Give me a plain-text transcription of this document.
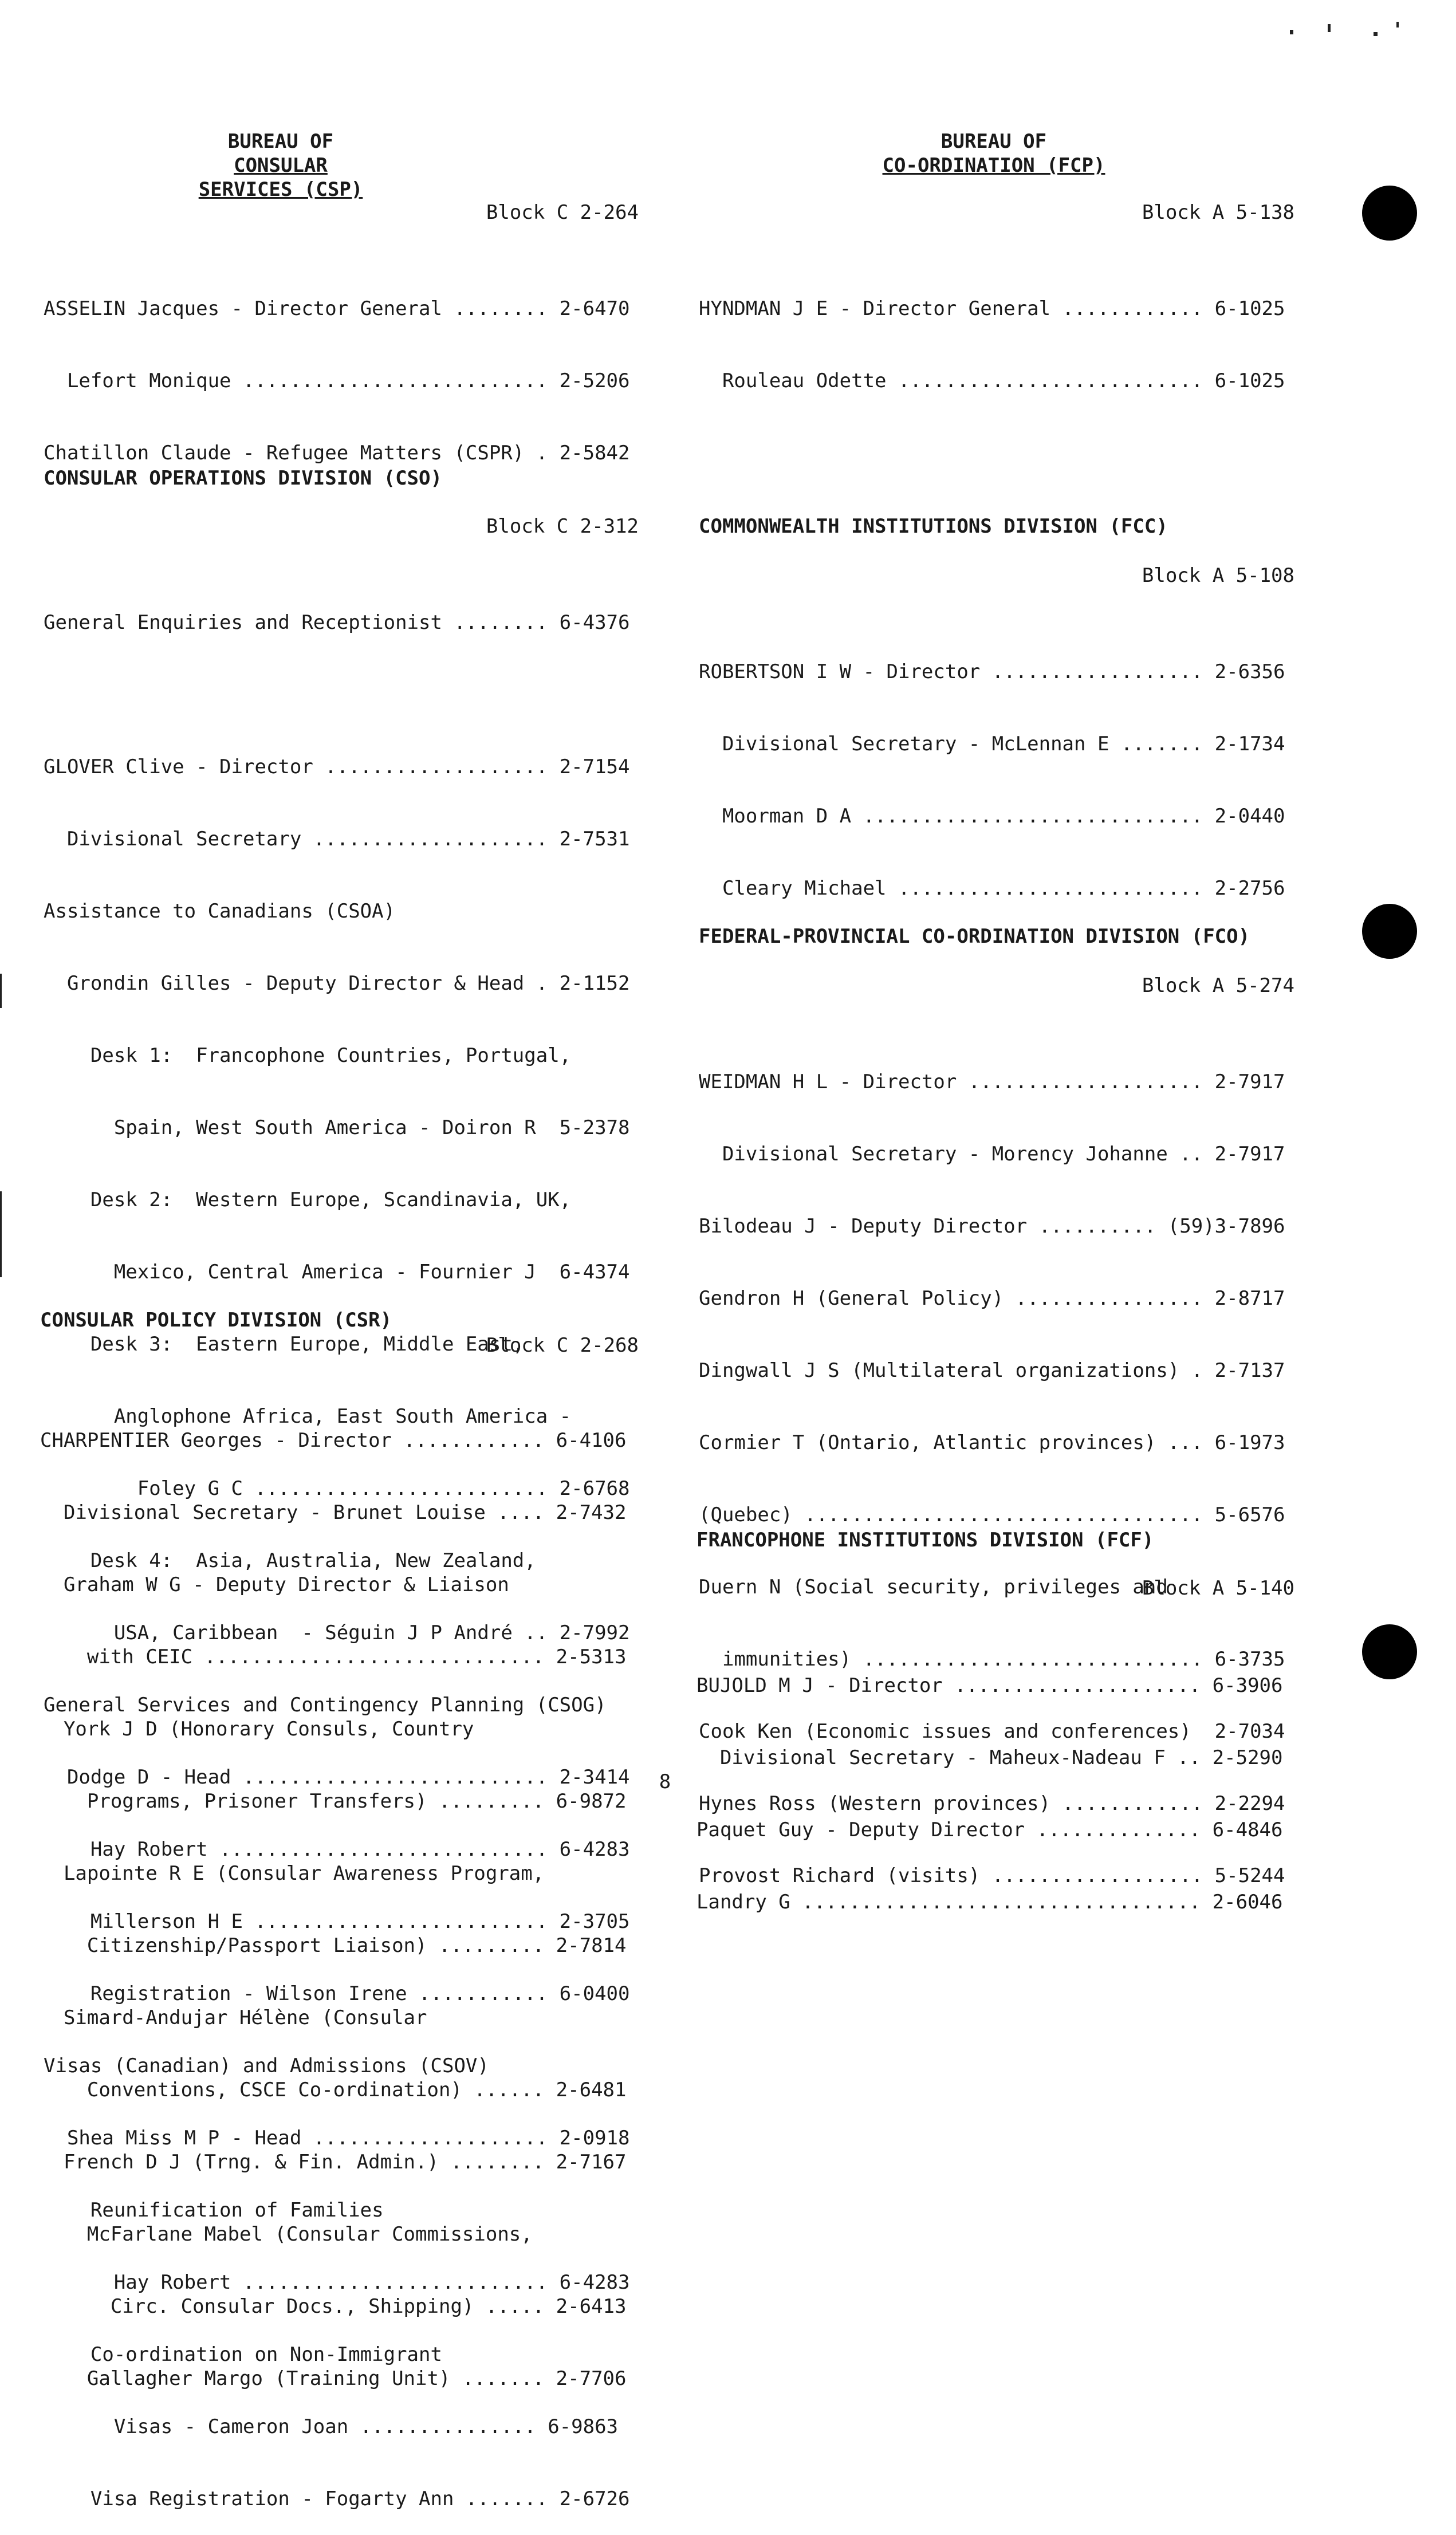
BUREAU OF
CONSULAR SERVICES (CSP)
Block C 2-264

ASSELIN Jacques - Director General ........ 2-6470

Lefort Monique .......................... 2-5206

Chatillon Claude - Refugee Matters (CSPR) . 2-5842

CONSULAR OPERATIONS DIVISION (CSO)
Block C 2-312

General Enquiries and Receptionist ........ 6-4376

GLOVER Clive - Director ................... 2-7154

Divisional Secretary .................... 2-7531

Assistance to Canadians (CSOA)

Grondin Gilles - Deputy Director & Head . 2-1152

Desk 1:  Francophone Countries, Portugal,

Spain, West South America - Doiron R  5-2378

Desk 2:  Western Europe, Scandinavia, UK,

Mexico, Central America - Fournier J  6-4374

Desk 3:  Eastern Europe, Middle East,

Anglophone Africa, East South America -

Foley G C ......................... 2-6768

Desk 4:  Asia, Australia, New Zealand,

USA, Caribbean  - Séguin J P André .. 2-7992

General Services and Contingency Planning (CSOG)

Dodge D - Head .......................... 2-3414

Hay Robert ............................ 6-4283

Millerson H E ......................... 2-3705

Registration - Wilson Irene ........... 6-0400

Visas (Canadian) and Admissions (CSOV)

Shea Miss M P - Head .................... 2-0918

Reunification of Families

Hay Robert .......................... 6-4283

Co-ordination on Non-Immigrant

Visas - Cameron Joan ............... 6-9863

Visa Registration - Fogarty Ann ....... 2-6726

CONSULAR POLICY DIVISION (CSR)
Block C 2-268

CHARPENTIER Georges - Director ............ 6-4106

Divisional Secretary - Brunet Louise .... 2-7432

Graham W G - Deputy Director & Liaison

with CEIC ............................. 2-5313

York J D (Honorary Consuls, Country

Programs, Prisoner Transfers) ......... 6-9872

Lapointe R E (Consular Awareness Program,

Citizenship/Passport Liaison) ......... 2-7814

Simard-Andujar Hélène (Consular

Conventions, CSCE Co-ordination) ...... 2-6481

French D J (Trng. & Fin. Admin.) ........ 2-7167

McFarlane Mabel (Consular Commissions,

Circ. Consular Docs., Shipping) ..... 2-6413

Gallagher Margo (Training Unit) ....... 2-7706

BUREAU OF
CO-ORDINATION (FCP)
Block A 5-138

HYNDMAN J E - Director General ............ 6-1025

Rouleau Odette .......................... 6-1025

COMMONWEALTH INSTITUTIONS DIVISION (FCC)
Block A 5-108

ROBERTSON I W - Director .................. 2-6356

Divisional Secretary - McLennan E ....... 2-1734

Moorman D A ............................. 2-0440

Cleary Michael .......................... 2-2756

FEDERAL-PROVINCIAL CO-ORDINATION DIVISION (FCO)
Block A 5-274

WEIDMAN H L - Director .................... 2-7917

Divisional Secretary - Morency Johanne .. 2-7917

Bilodeau J - Deputy Director .......... (59)3-7896

Gendron H (General Policy) ................ 2-8717

Dingwall J S (Multilateral organizations) . 2-7137

Cormier T (Ontario, Atlantic provinces) ... 6-1973

(Quebec) .................................. 5-6576

Duern N (Social security, privileges and

immunities) ............................. 6-3735

Cook Ken (Economic issues and conferences)  2-7034

Hynes Ross (Western provinces) ............ 2-2294

Provost Richard (visits) .................. 5-5244

FRANCOPHONE INSTITUTIONS DIVISION (FCF)
Block A 5-140

BUJOLD M J - Director ..................... 6-3906

Divisional Secretary - Maheux-Nadeau F .. 2-5290

Paquet Guy - Deputy Director .............. 6-4846

Landry G .................................. 2-6046

8
